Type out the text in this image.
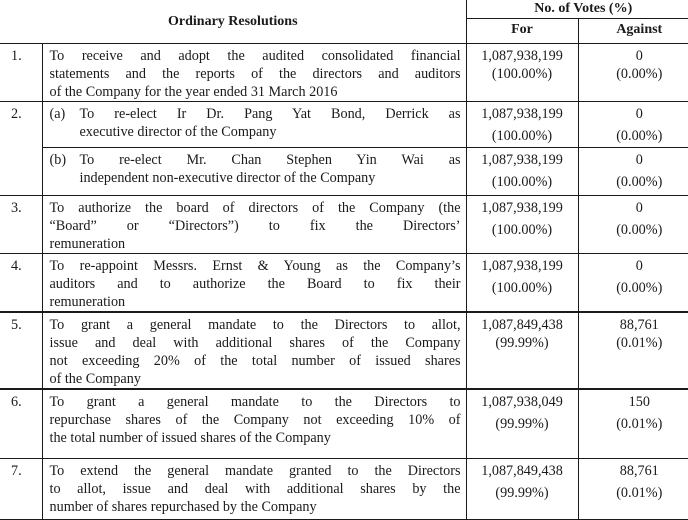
Ordinary Resolutions		No. of Votes (%)	
		For	Against
1.	To receive and adopt the audited consolidated financial
statements and the reports of the directors and auditors
of the Company for the year ended 31 March 2016	1,087,938,199
(100.00%)	0
(0.00%)

2.	(a) To re-elect Ir Dr. Pang Yat Bond, Derrick as
executive director of the Company	1,087,938,199
(100.00%)	0
(0.00%)

	(b) To re-elect Mr. Chan Stephen Yin Wai as
independent non-executive director of the Company	1,087,938,199
(100.00%)	0
(0.00%)

3.	To authorize the board of directors of the Company (the
“Board” or “Directors”) to fix the Directors’
remuneration	1,087,938,199
(100.00%)	0
(0.00%)

4.	To re-appoint Messrs. Ernst & Young as the Company’s
auditors and to authorize the Board to fix their
remuneration	1,087,938,199
(100.00%)	0
(0.00%)

5.	To grant a general mandate to the Directors to allot,
issue and deal with additional shares of the Company
not exceeding 20% of the total number of issued shares
of the Company	1,087,849,438
(99.99%)	88,761
(0.01%)

6.	To grant a general mandate to the Directors to
repurchase shares of the Company not exceeding 10% of
the total number of issued shares of the Company	1,087,938,049
(99.99%)	150
(0.01%)

7.	To extend the general mandate granted to the Directors
to allot, issue and deal with additional shares by the
number of shares repurchased by the Company	1,087,849,438
(99.99%)	88,761
(0.01%)
